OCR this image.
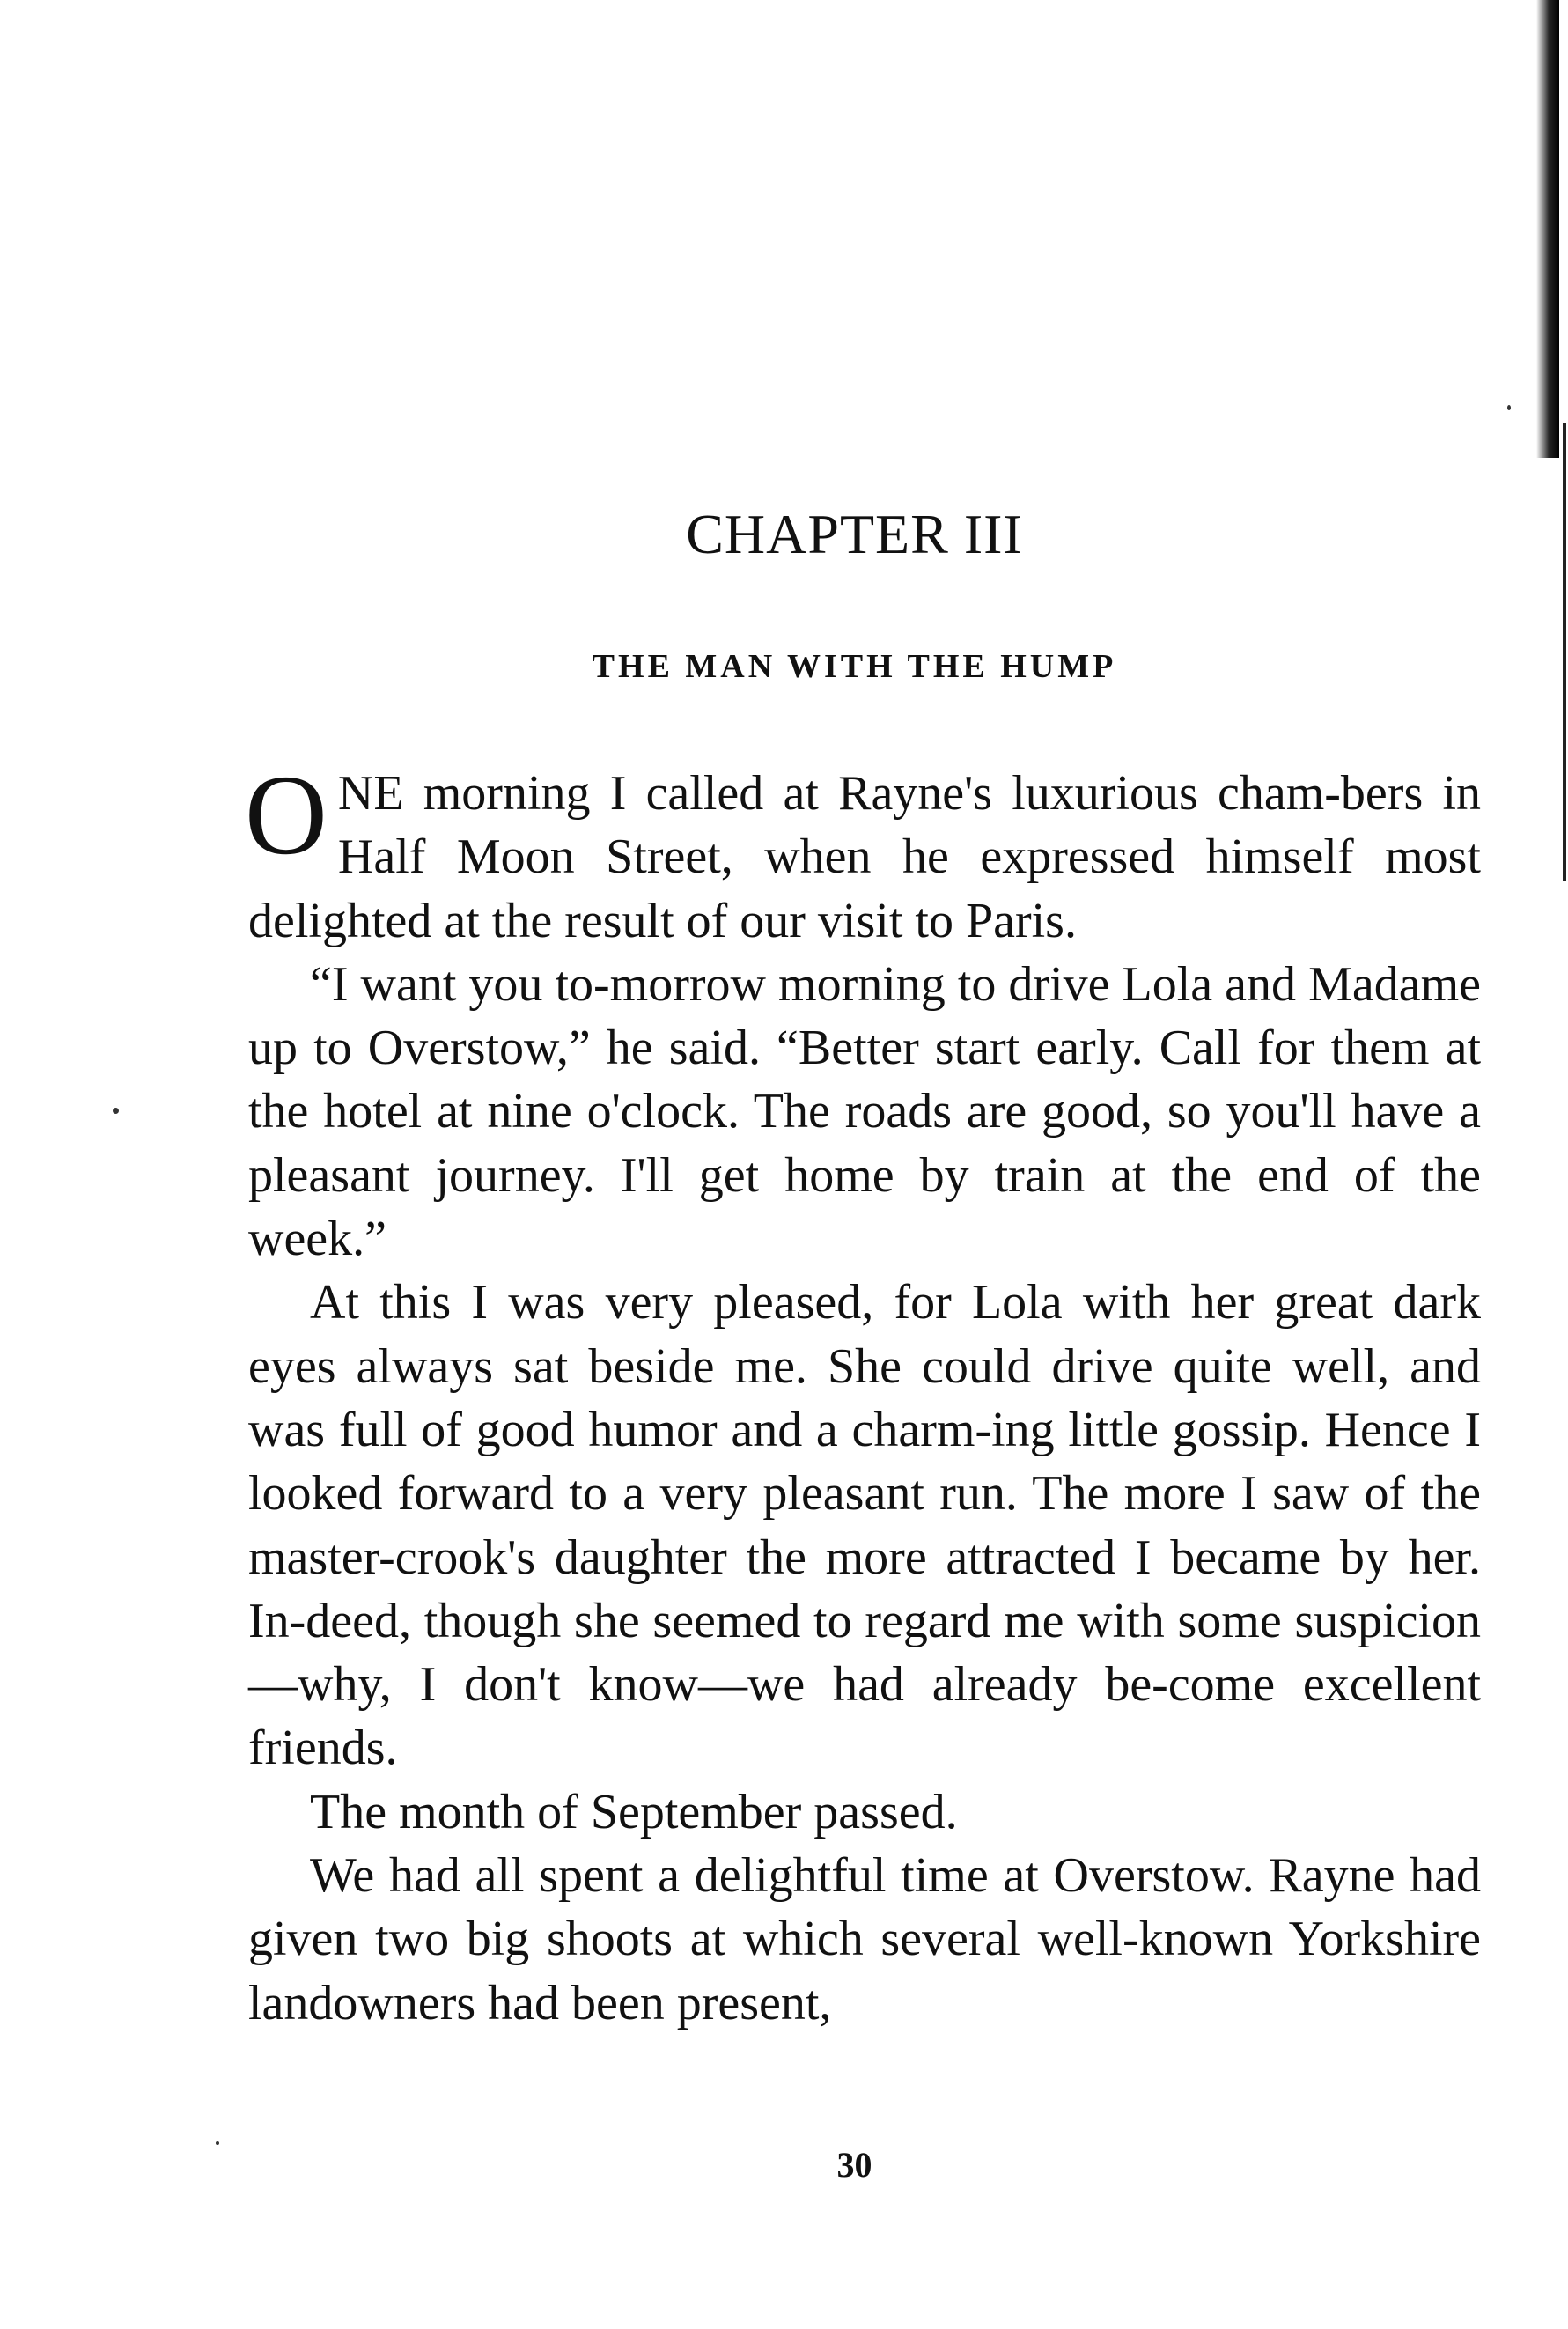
CHAPTER III
THE MAN WITH THE HUMP

ONE morning I called at Rayne's luxurious cham-bers in Half Moon Street, when he expressed himself most delighted at the result of our visit to Paris.

“I want you to-morrow morning to drive Lola and Madame up to Overstow,” he said. “Better start early. Call for them at the hotel at nine o'clock. The roads are good, so you'll have a pleasant journey. I'll get home by train at the end of the week.”

At this I was very pleased, for Lola with her great dark eyes always sat beside me. She could drive quite well, and was full of good humor and a charm-ing little gossip. Hence I looked forward to a very pleasant run. The more I saw of the master-crook's daughter the more attracted I became by her. In-deed, though she seemed to regard me with some suspicion—why, I don't know—we had already be-come excellent friends.

The month of September passed.

We had all spent a delightful time at Overstow. Rayne had given two big shoots at which several well-known Yorkshire landowners had been present,

30
